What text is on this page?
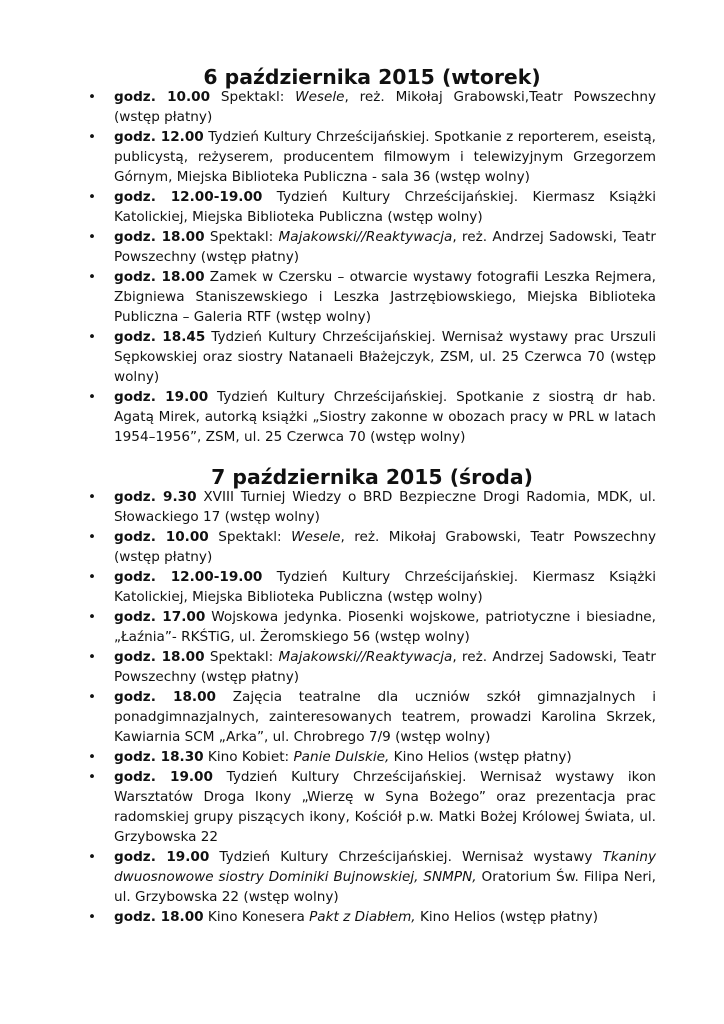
6 października 2015 (wtorek)
• godz. 10.00 Spektakl: Wesele, reż. Mikołaj Grabowski,Teatr Powszechny (wstęp płatny)
• godz. 12.00 Tydzień Kultury Chrześcijańskiej. Spotkanie z reporterem, eseistą, publicystą, reżyserem, producentem filmowym i telewizyjnym Grzegorzem Górnym, Miejska Biblioteka Publiczna - sala 36 (wstęp wolny)
• godz. 12.00-19.00 Tydzień Kultury Chrześcijańskiej. Kiermasz Książki Katolickiej, Miejska Biblioteka Publiczna (wstęp wolny)
• godz. 18.00 Spektakl: Majakowski//Reaktywacja, reż. Andrzej Sadowski, Teatr Powszechny (wstęp płatny)
• godz. 18.00 Zamek w Czersku – otwarcie wystawy fotografii Leszka Rejmera, Zbigniewa Staniszewskiego i Leszka Jastrzębiowskiego, Miejska Biblioteka Publiczna – Galeria RTF (wstęp wolny)
• godz. 18.45 Tydzień Kultury Chrześcijańskiej. Wernisaż wystawy prac Urszuli Sępkowskiej oraz siostry Natanaeli Błażejczyk, ZSM, ul. 25 Czerwca 70 (wstęp wolny)
• godz. 19.00 Tydzień Kultury Chrześcijańskiej. Spotkanie z siostrą dr hab. Agatą Mirek, autorką książki „Siostry zakonne w obozach pracy w PRL w latach 1954–1956”, ZSM, ul. 25 Czerwca 70 (wstęp wolny)
7 października 2015 (środa)
• godz. 9.30 XVIII Turniej Wiedzy o BRD Bezpieczne Drogi Radomia, MDK, ul. Słowackiego 17 (wstęp wolny)
• godz. 10.00 Spektakl: Wesele, reż. Mikołaj Grabowski, Teatr Powszechny (wstęp płatny)
• godz. 12.00-19.00 Tydzień Kultury Chrześcijańskiej. Kiermasz Książki Katolickiej, Miejska Biblioteka Publiczna (wstęp wolny)
• godz. 17.00 Wojskowa jedynka. Piosenki wojskowe, patriotyczne i biesiadne, „Łaźnia”- RKŚTiG, ul. Żeromskiego 56 (wstęp wolny)
• godz. 18.00 Spektakl: Majakowski//Reaktywacja, reż. Andrzej Sadowski, Teatr Powszechny (wstęp płatny)
• godz. 18.00 Zajęcia teatralne dla uczniów szkół gimnazjalnych i ponadgimnazjalnych, zainteresowanych teatrem, prowadzi Karolina Skrzek, Kawiarnia SCM „Arka”, ul. Chrobrego 7/9 (wstęp wolny)
• godz. 18.30 Kino Kobiet: Panie Dulskie, Kino Helios (wstęp płatny)
• godz. 19.00 Tydzień Kultury Chrześcijańskiej. Wernisaż wystawy ikon Warsztatów Droga Ikony „Wierzę w Syna Bożego” oraz prezentacja prac radomskiej grupy piszących ikony, Kościół p.w. Matki Bożej Królowej Świata, ul. Grzybowska 22
• godz. 19.00 Tydzień Kultury Chrześcijańskiej. Wernisaż wystawy Tkaniny dwuosnowowe siostry Dominiki Bujnowskiej, SNMPN, Oratorium Św. Filipa Neri, ul. Grzybowska 22 (wstęp wolny)
• godz. 18.00 Kino Konesera Pakt z Diabłem, Kino Helios (wstęp płatny)
